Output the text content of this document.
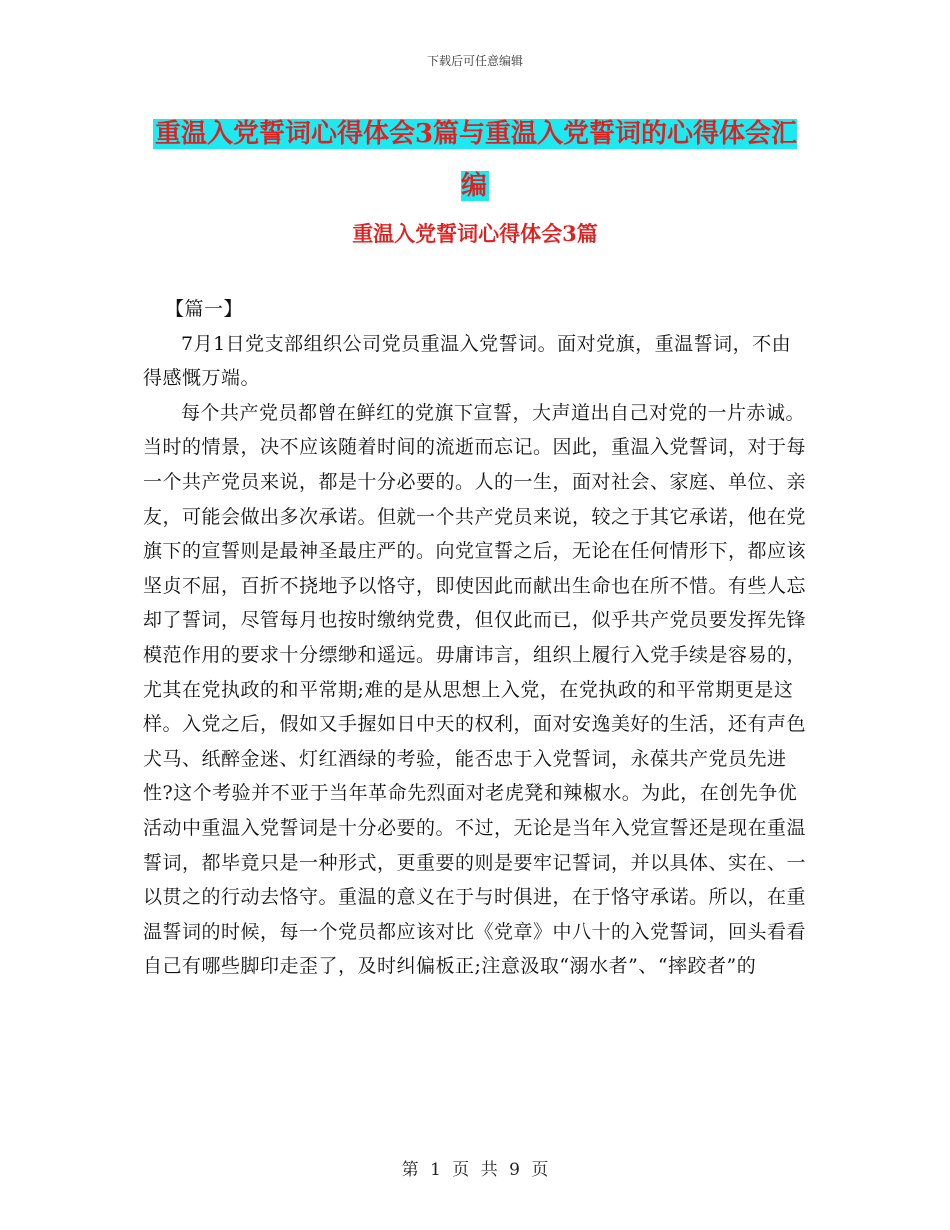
下载后可任意编辑
重温入党誓词心得体会3篇与重温入党誓词的心得体会汇编
重温入党誓词心得体会3篇

【篇一】

7月1日党支部组织公司党员重温入党誓词。面对党旗，重温誓词，不由得感慨万端。

每个共产党员都曾在鲜红的党旗下宣誓，大声道出自己对党的一片赤诚。当时的情景，决不应该随着时间的流逝而忘记。因此，重温入党誓词，对于每一个共产党员来说，都是十分必要的。人的一生，面对社会、家庭、单位、亲友，可能会做出多次承诺。但就一个共产党员来说，较之于其它承诺，他在党旗下的宣誓则是最神圣最庄严的。向党宣誓之后，无论在任何情形下，都应该坚贞不屈，百折不挠地予以恪守，即使因此而献出生命也在所不惜。有些人忘却了誓词，尽管每月也按时缴纳党费，但仅此而已，似乎共产党员要发挥先锋模范作用的要求十分缥缈和遥远。毋庸讳言，组织上履行入党手续是容易的，尤其在党执政的和平常期;难的是从思想上入党，在党执政的和平常期更是这样。入党之后，假如又手握如日中天的权利，面对安逸美好的生活，还有声色犬马、纸醉金迷、灯红酒绿的考验，能否忠于入党誓词，永葆共产党员先进性?这个考验并不亚于当年革命先烈面对老虎凳和辣椒水。为此，在创先争优活动中重温入党誓词是十分必要的。不过，无论是当年入党宣誓还是现在重温誓词，都毕竟只是一种形式，更重要的则是要牢记誓词，并以具体、实在、一以贯之的行动去恪守。重温的意义在于与时俱进，在于恪守承诺。所以，在重温誓词的时候，每一个党员都应该对比《党章》中八十的入党誓词，回头看看自己有哪些脚印走歪了，及时纠偏板正;注意汲取“溺水者”、“摔跤者”的

第 1 页 共 9 页
